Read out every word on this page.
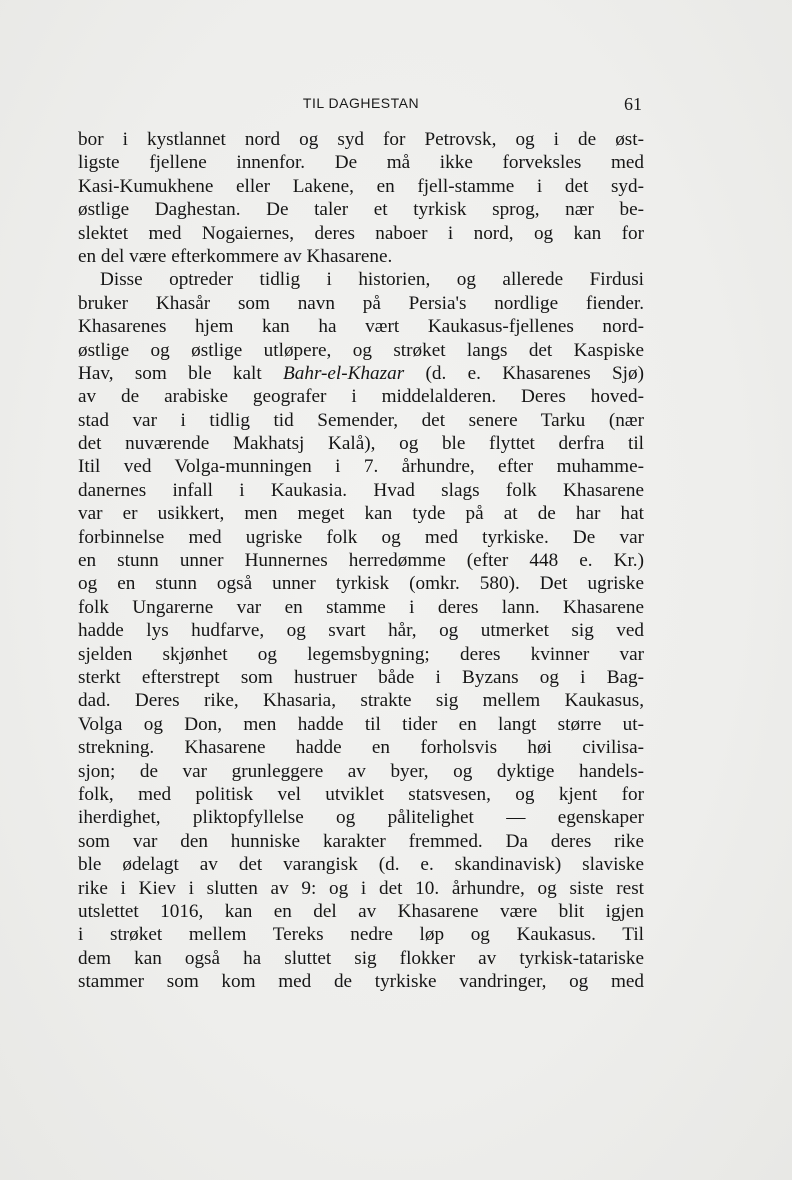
TIL DAGHESTAN	61
bor i kystlannet nord og syd for Petrovsk, og i de øst-
ligste fjellene innenfor. De må ikke forveksles med
Kasi-Kumukhene eller Lakene, en fjell-stamme i det syd-
østlige Daghestan. De taler et tyrkisk sprog, nær be-
slektet med Nogaiernes, deres naboer i nord, og kan for
en del være efterkommere av Khasarene.
Disse optreder tidlig i historien, og allerede Firdusi
bruker Khasår som navn på Persia's nordlige fiender.
Khasarenes hjem kan ha vært Kaukasus-fjellenes nord-
østlige og østlige utløpere, og strøket langs det Kaspiske
Hav, som ble kalt Bahr-el-Khazar (d. e. Khasarenes Sjø)
av de arabiske geografer i middelalderen. Deres hoved-
stad var i tidlig tid Semender, det senere Tarku (nær
det nuværende Makhatsj Kalå), og ble flyttet derfra til
Itil ved Volga-munningen i 7. århundre, efter muhamme-
danernes infall i Kaukasia. Hvad slags folk Khasarene
var er usikkert, men meget kan tyde på at de har hat
forbinnelse med ugriske folk og med tyrkiske. De var
en stunn unner Hunnernes herredømme (efter 448 e. Kr.)
og en stunn også unner tyrkisk (omkr. 580). Det ugriske
folk Ungarerne var en stamme i deres lann. Khasarene
hadde lys hudfarve, og svart hår, og utmerket sig ved
sjelden skjønhet og legemsbygning; deres kvinner var
sterkt efterstrept som hustruer både i Byzans og i Bag-
dad. Deres rike, Khasaria, strakte sig mellem Kaukasus,
Volga og Don, men hadde til tider en langt større ut-
strekning. Khasarene hadde en forholsvis høi civilisa-
sjon; de var grunleggere av byer, og dyktige handels-
folk, med politisk vel utviklet statsvesen, og kjent for
iherdighet, pliktopfyllelse og pålitelighet — egenskaper
som var den hunniske karakter fremmed. Da deres rike
ble ødelagt av det varangisk (d. e. skandinavisk) slaviske
rike i Kiev i slutten av 9: og i det 10. århundre, og siste rest
utslettet 1016, kan en del av Khasarene være blit igjen
i strøket mellem Tereks nedre løp og Kaukasus. Til
dem kan også ha sluttet sig flokker av tyrkisk-tatariske
stammer som kom med de tyrkiske vandringer, og med
